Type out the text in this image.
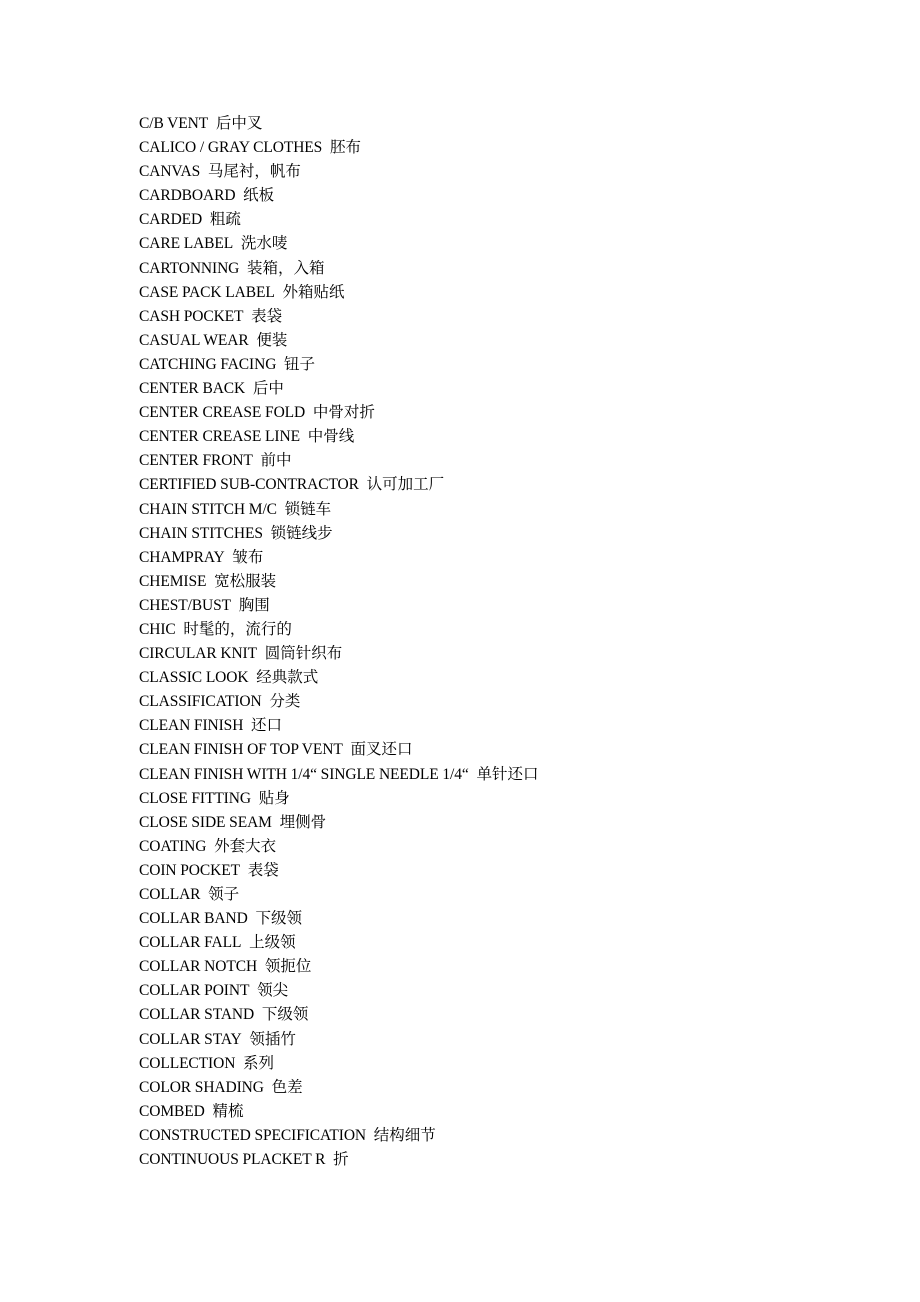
C/B VENT 后中叉
CALICO / GRAY CLOTHES 胚布
CANVAS 马尾衬，帆布
CARDBOARD 纸板
CARDED 粗疏
CARE LABEL 洗水唛
CARTONNING 装箱，入箱
CASE PACK LABEL 外箱贴纸
CASH POCKET 表袋
CASUAL WEAR 便装
CATCHING FACING 钮子
CENTER BACK 后中
CENTER CREASE FOLD 中骨对折
CENTER CREASE LINE 中骨线
CENTER FRONT 前中
CERTIFIED SUB-CONTRACTOR 认可加工厂
CHAIN STITCH M/C 锁链车
CHAIN STITCHES 锁链线步
CHAMPRAY 皱布
CHEMISE 宽松服装
CHEST/BUST 胸围
CHIC 时髦的，流行的
CIRCULAR KNIT 圆筒针织布
CLASSIC LOOK 经典款式
CLASSIFICATION 分类
CLEAN FINISH 还口
CLEAN FINISH OF TOP VENT 面叉还口
CLEAN FINISH WITH 1/4“ SINGLE NEEDLE 1/4“ 单针还口
CLOSE FITTING 贴身
CLOSE SIDE SEAM 埋侧骨
COATING 外套大衣
COIN POCKET 表袋
COLLAR 领子
COLLAR BAND 下级领
COLLAR FALL 上级领
COLLAR NOTCH 领扼位
COLLAR POINT 领尖
COLLAR STAND 下级领
COLLAR STAY 领插竹
COLLECTION 系列
COLOR SHADING 色差
COMBED 精梳
CONSTRUCTED SPECIFICATION 结构细节
CONTINUOUS PLACKET R 折
